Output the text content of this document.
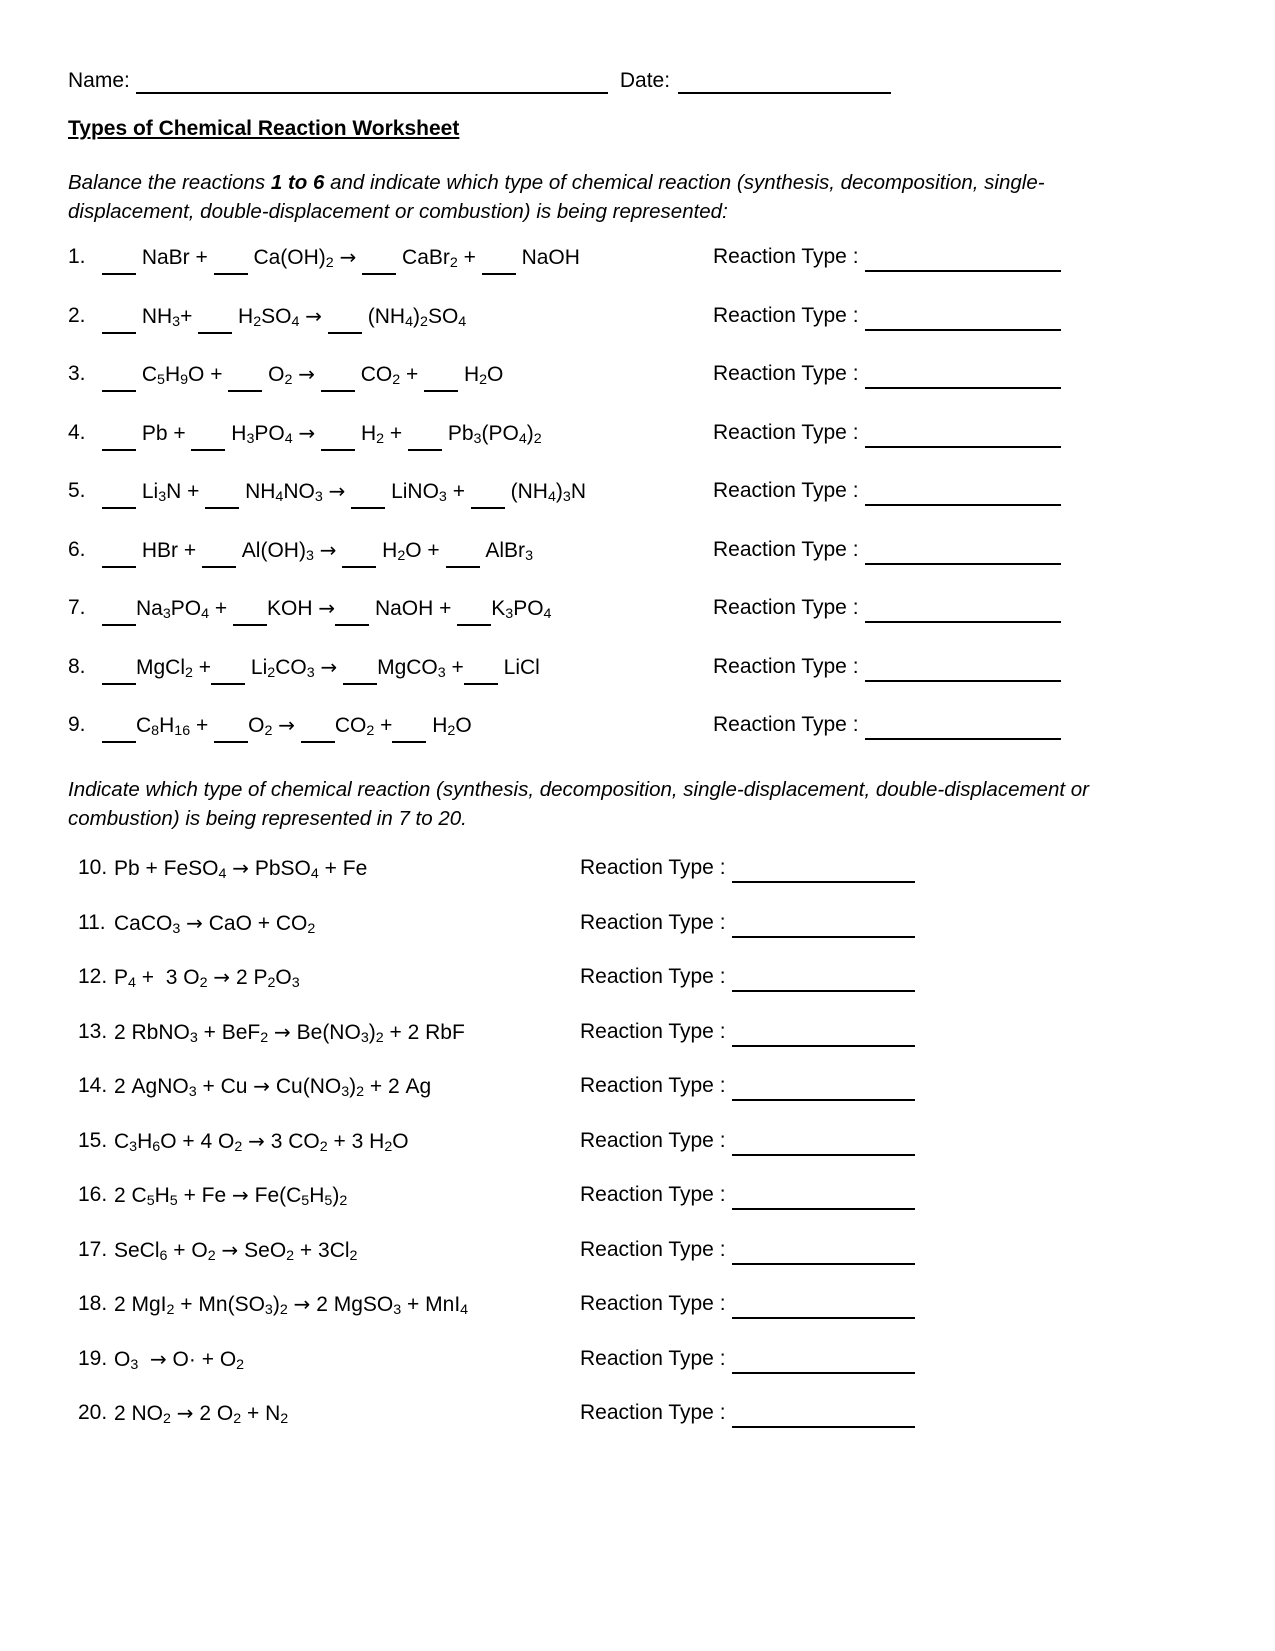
Name:	Date:
Types of Chemical Reaction Worksheet
Balance the reactions 1 to 6 and indicate which type of chemical reaction (synthesis, decomposition, single-displacement, double-displacement or combustion) is being represented:
1. NaBr +  $Ca(OH)_2$ →  CaBr$_2$ +  NaOH	Reaction Type :
2. $NH_3+ H_2SO_4 \to (NH_4)_2SO_4$	Reaction Type :
3. $C_5H_9O + O_2 \to CO_2 + H_2O$	Reaction Type :
4. $Pb + H_3PO_4 \to H_2 + Pb_3(PO_4)_2$	Reaction Type :
5. $Li_3N + NH_4NO_3$ →  LiNO$_3$ +  $(NH_4)_3N$	Reaction Type :
6. HBr +  $Al(OH)_3 \to H_2O$ +  AlBr$_3$	Reaction Type :
7. $Na_3PO_4$ + KOH → NaOH + $K_3PO_4$	Reaction Type :
8. MgCl$_2$ + $Li_2CO_3$ → MgCO$_3$ + LiCl	Reaction Type :
9. $C_8H_{16} + O_2 \to CO_2 + H_2O$	Reaction Type :
Indicate which type of chemical reaction (synthesis, decomposition, single-displacement, double-displacement or combustion) is being represented in 7 to 20.
10. Pb + FeSO$_4$ → PbSO$_4$ + Fe	Reaction Type :
11. CaCO$_3$ → CaO + $CO_2$	Reaction Type :
12. $P_4 + 3$ $O_2 \to 2$ $P_2O_3$	Reaction Type :
13. 2 RbNO$_3$ + $BeF_2 \to Be(NO_3)_2 + 2$ RbF	Reaction Type :
14. 2 AgNO$_3$ + $Cu \to Cu(NO_3)_2 + 2$ Ag	Reaction Type :
15. $C_3H_6O + 4$ $O_2 \to 3$ $CO_2 + 3$ $H_2O$	Reaction Type :
16. 2 $C_5H_5 + Fe \to Fe(C_5H_5)_2$	Reaction Type :
17. SeCl$_6$ + $O_2 \to SeO_2 + 3Cl_2$	Reaction Type :
18. 2 $MgI_2 + Mn(SO_3)_2 \to 2$ MgSO$_3$ + MnI$_4$	Reaction Type :
19. $O_3 \to O\cdot + O_2$	Reaction Type :
20. 2 $NO_2 \to 2$ $O_2 + N_2$	Reaction Type :
